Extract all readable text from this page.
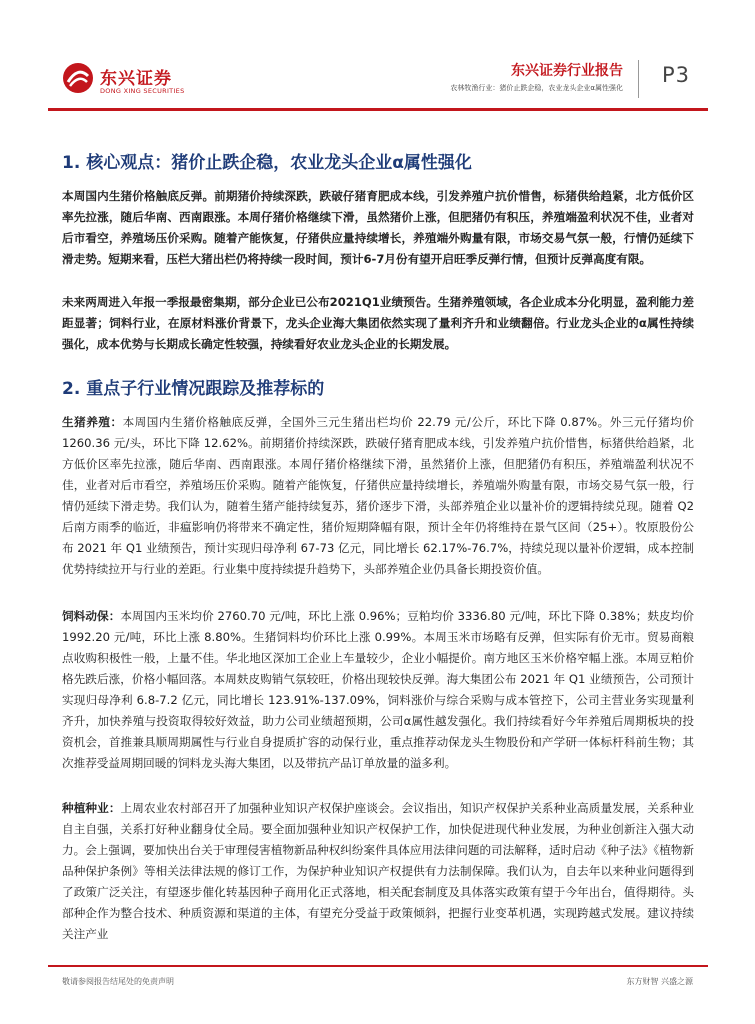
东兴证券
DONG XING SECURITIES
东兴证券行业报告
农林牧渔行业：猪价止跌企稳，农业龙头企业α属性强化
P3
1. 核心观点：猪价止跌企稳，农业龙头企业α属性强化

本周国内生猪价格触底反弹。前期猪价持续深跌，跌破仔猪育肥成本线，引发养殖户抗价惜售，标猪供给趋紧，北方低价区率先拉涨，随后华南、西南跟涨。本周仔猪价格继续下滑，虽然猪价上涨，但肥猪仍有积压，养殖端盈利状况不佳，业者对后市看空，养殖场压价采购。随着产能恢复，仔猪供应量持续增长，养殖端外购量有限，市场交易气氛一般，行情仍延续下滑走势。短期来看，压栏大猪出栏仍将持续一段时间，预计6-7月份有望开启旺季反弹行情，但预计反弹高度有限。

未来两周进入年报一季报最密集期，部分企业已公布2021Q1业绩预告。生猪养殖领域，各企业成本分化明显，盈利能力差距显著；饲料行业，在原材料涨价背景下，龙头企业海大集团依然实现了量利齐升和业绩翻倍。行业龙头企业的α属性持续强化，成本优势与长期成长确定性较强，持续看好农业龙头企业的长期发展。

2. 重点子行业情况跟踪及推荐标的

生猪养殖：本周国内生猪价格触底反弹，全国外三元生猪出栏均价 22.79 元/公斤，环比下降 0.87%。外三元仔猪均价 1260.36 元/头，环比下降 12.62%。前期猪价持续深跌，跌破仔猪育肥成本线，引发养殖户抗价惜售，标猪供给趋紧，北方低价区率先拉涨，随后华南、西南跟涨。本周仔猪价格继续下滑，虽然猪价上涨，但肥猪仍有积压，养殖端盈利状况不佳，业者对后市看空，养殖场压价采购。随着产能恢复，仔猪供应量持续增长，养殖端外购量有限，市场交易气氛一般，行情仍延续下滑走势。我们认为，随着生猪产能持续复苏，猪价逐步下滑，头部养殖企业以量补价的逻辑持续兑现。随着 Q2 后南方雨季的临近，非瘟影响仍将带来不确定性，猪价短期降幅有限，预计全年仍将维持在景气区间（25+）。牧原股份公布 2021 年 Q1 业绩预告，预计实现归母净利 67-73 亿元，同比增长 62.17%-76.7%，持续兑现以量补价逻辑，成本控制优势持续拉开与行业的差距。行业集中度持续提升趋势下，头部养殖企业仍具备长期投资价值。

饲料动保：本周国内玉米均价 2760.70 元/吨，环比上涨 0.96%；豆粕均价 3336.80 元/吨，环比下降 0.38%；麸皮均价 1992.20 元/吨，环比上涨 8.80%。生猪饲料均价环比上涨 0.99%。本周玉米市场略有反弹，但实际有价无市。贸易商粮点收购积极性一般，上量不佳。华北地区深加工企业上车量较少，企业小幅提价。南方地区玉米价格窄幅上涨。本周豆粕价格先跌后涨，价格小幅回落。本周麸皮购销气氛较旺，价格出现较快反弹。海大集团公布 2021 年 Q1 业绩预告，公司预计实现归母净利 6.8-7.2 亿元，同比增长 123.91%-137.09%，饲料涨价与综合采购与成本管控下，公司主营业务实现量利齐升，加快养殖与投资取得较好效益，助力公司业绩超预期，公司α属性越发强化。我们持续看好今年养殖后周期板块的投资机会，首推兼具顺周期属性与行业自身提质扩容的动保行业，重点推荐动保龙头生物股份和产学研一体标杆科前生物；其次推荐受益周期回暖的饲料龙头海大集团，以及带抗产品订单放量的溢多利。

种植种业：上周农业农村部召开了加强种业知识产权保护座谈会。会议指出，知识产权保护关系种业高质量发展，关系种业自主自强，关系打好种业翻身仗全局。要全面加强种业知识产权保护工作，加快促进现代种业发展，为种业创新注入强大动力。会上强调，要加快出台关于审理侵害植物新品种权纠纷案件具体应用法律问题的司法解释，适时启动《种子法》《植物新品种保护条例》等相关法律法规的修订工作，为保护种业知识产权提供有力法制保障。我们认为，自去年以来种业问题得到了政策广泛关注，有望逐步催化转基因种子商用化正式落地，相关配套制度及具体落实政策有望于今年出台，值得期待。头部种企作为整合技术、种质资源和渠道的主体，有望充分受益于政策倾斜，把握行业变革机遇，实现跨越式发展。建议持续关注产业

敬请参阅报告结尾处的免责声明	东方财智 兴盛之源
